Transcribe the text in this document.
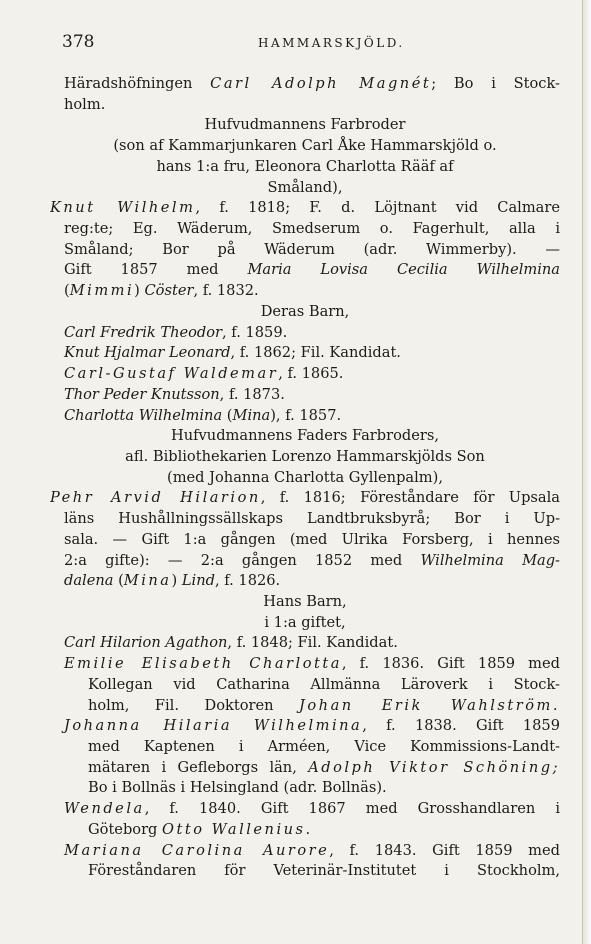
378	HAMMARSKJÖLD.
Häradshöfningen Carl Adolph Magnét; Bo i Stock-
holm.
Hufvudmannens Farbroder
(son af Kammarjunkaren Carl Åke Hammarskjöld o.
hans 1:a fru, Eleonora Charlotta Rääf af
Småland),
Knut Wilhelm, f. 1818; F. d. Löjtnant vid Calmare
reg:te; Eg. Wäderum, Smedserum o. Fagerhult, alla i
Småland; Bor på Wäderum (adr. Wimmerby). —
Gift 1857 med Maria Lovisa Cecilia Wilhelmina
(Mimmi) Cöster, f. 1832.
Deras Barn,
Carl Fredrik Theodor, f. 1859.
Knut Hjalmar Leonard, f. 1862; Fil. Kandidat.
Carl-Gustaf Waldemar, f. 1865.
Thor Peder Knutsson, f. 1873.
Charlotta Wilhelmina (Mina), f. 1857.
Hufvudmannens Faders Farbroders,
afl. Bibliothekarien Lorenzo Hammarskjölds Son
(med Johanna Charlotta Gyllenpalm),
Pehr Arvid Hilarion, f. 1816; Föreståndare för Upsala
läns Hushållningssällskaps Landtbruksbyrå; Bor i Up-
sala. — Gift 1:a gången (med Ulrika Forsberg, i hennes
2:a gifte): — 2:a gången 1852 med Wilhelmina Mag-
dalena (Mina) Lind, f. 1826.
Hans Barn,
i 1:a giftet,
Carl Hilarion Agathon, f. 1848; Fil. Kandidat.
Emilie Elisabeth Charlotta, f. 1836. Gift 1859 med
Kollegan vid Catharina Allmänna Läroverk i Stock-
holm, Fil. Doktoren Johan Erik Wahlström.
Johanna Hilaria Wilhelmina, f. 1838. Gift 1859
med Kaptenen i Arméen, Vice Kommissions-Landt-
mätaren i Gefleborgs län, Adolph Viktor Schöning;
Bo i Bollnäs i Helsingland (adr. Bollnäs).
Wendela, f. 1840. Gift 1867 med Grosshandlaren i
Göteborg Otto Wallenius.
Mariana Carolina Aurore, f. 1843. Gift 1859 med
Föreståndaren för Veterinär-Institutet i Stockholm,
